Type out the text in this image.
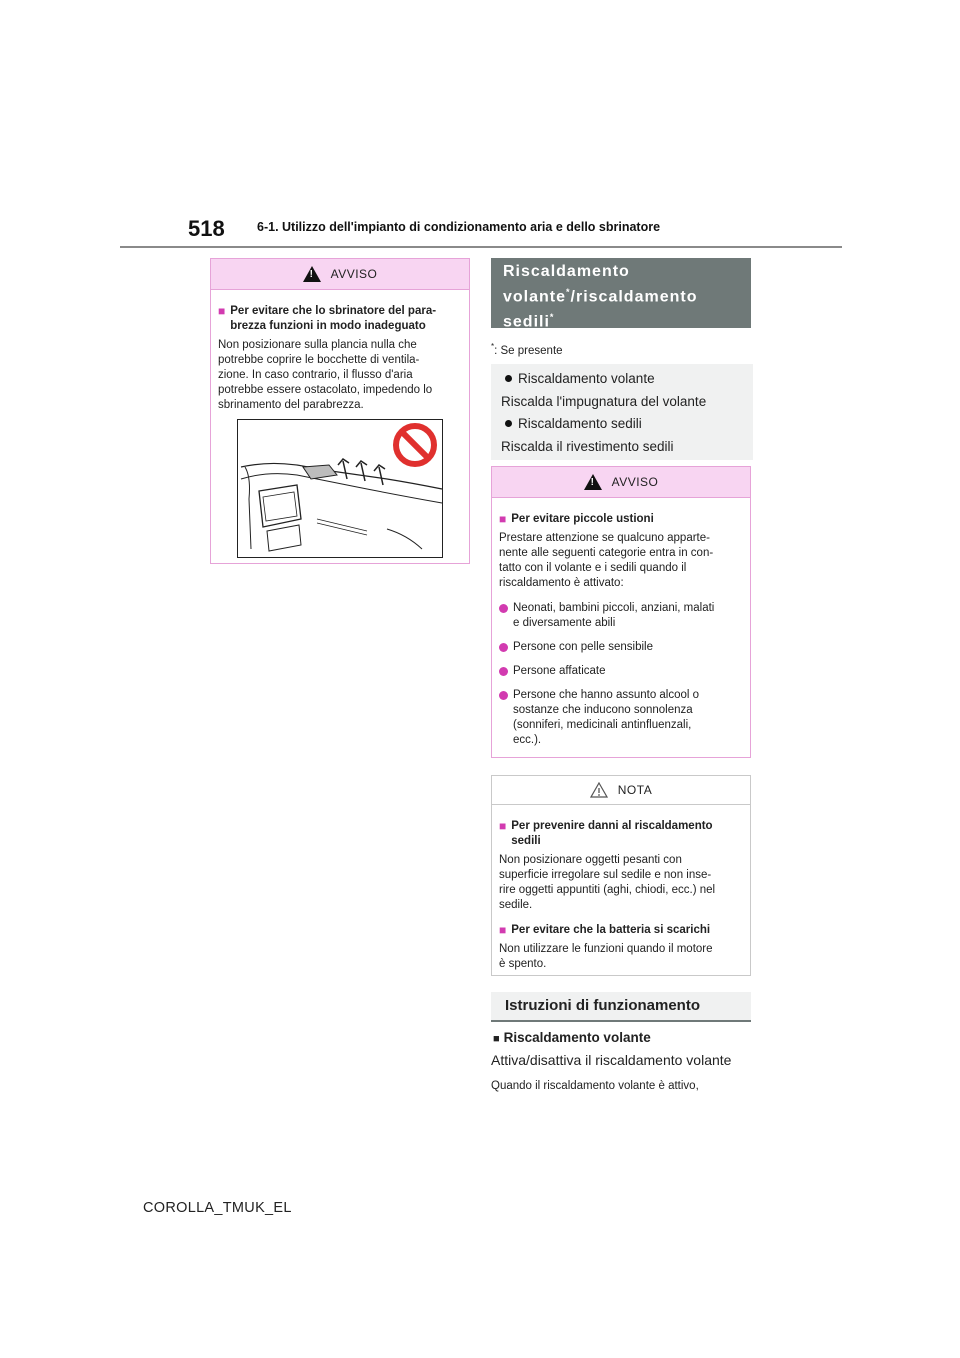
518	6-1. Utilizzo dell'impianto di condizionamento aria e dello sbrinatore
!
AVVISO
■ Per evitare che lo sbrinatore del para-
brezza funzioni in modo inadeguato
Non posizionare sulla plancia nulla che
potrebbe coprire le bocchette di ventila-
zione. In caso contrario, il flusso d'aria
potrebbe essere ostacolato, impedendo lo
sbrinamento del parabrezza.
Riscaldamento
volante*/riscaldamento
sedili*
*: Se presente
Riscaldamento volante
Riscalda l'impugnatura del volante
Riscaldamento sedili
Riscalda il rivestimento sedili
!
AVVISO
■ Per evitare piccole ustioni
Prestare attenzione se qualcuno apparte-
nente alle seguenti categorie entra in con-
tatto con il volante e i sedili quando il
riscaldamento è attivato:
Neonati, bambini piccoli, anziani, malati
e diversamente abili
Persone con pelle sensibile
Persone affaticate
Persone che hanno assunto alcool o
sostanze che inducono sonnolenza
(sonniferi, medicinali antinfluenzali,
ecc.).
NOTA
■ Per prevenire danni al riscaldamento
sedili
Non posizionare oggetti pesanti con
superficie irregolare sul sedile e non inse-
rire oggetti appuntiti (aghi, chiodi, ecc.) nel
sedile.
■ Per evitare che la batteria si scarichi
Non utilizzare le funzioni quando il motore
è spento.
Istruzioni di funzionamento
■ Riscaldamento volante
Attiva/disattiva il riscaldamento volante
Quando il riscaldamento volante è attivo,
COROLLA_TMUK_EL
